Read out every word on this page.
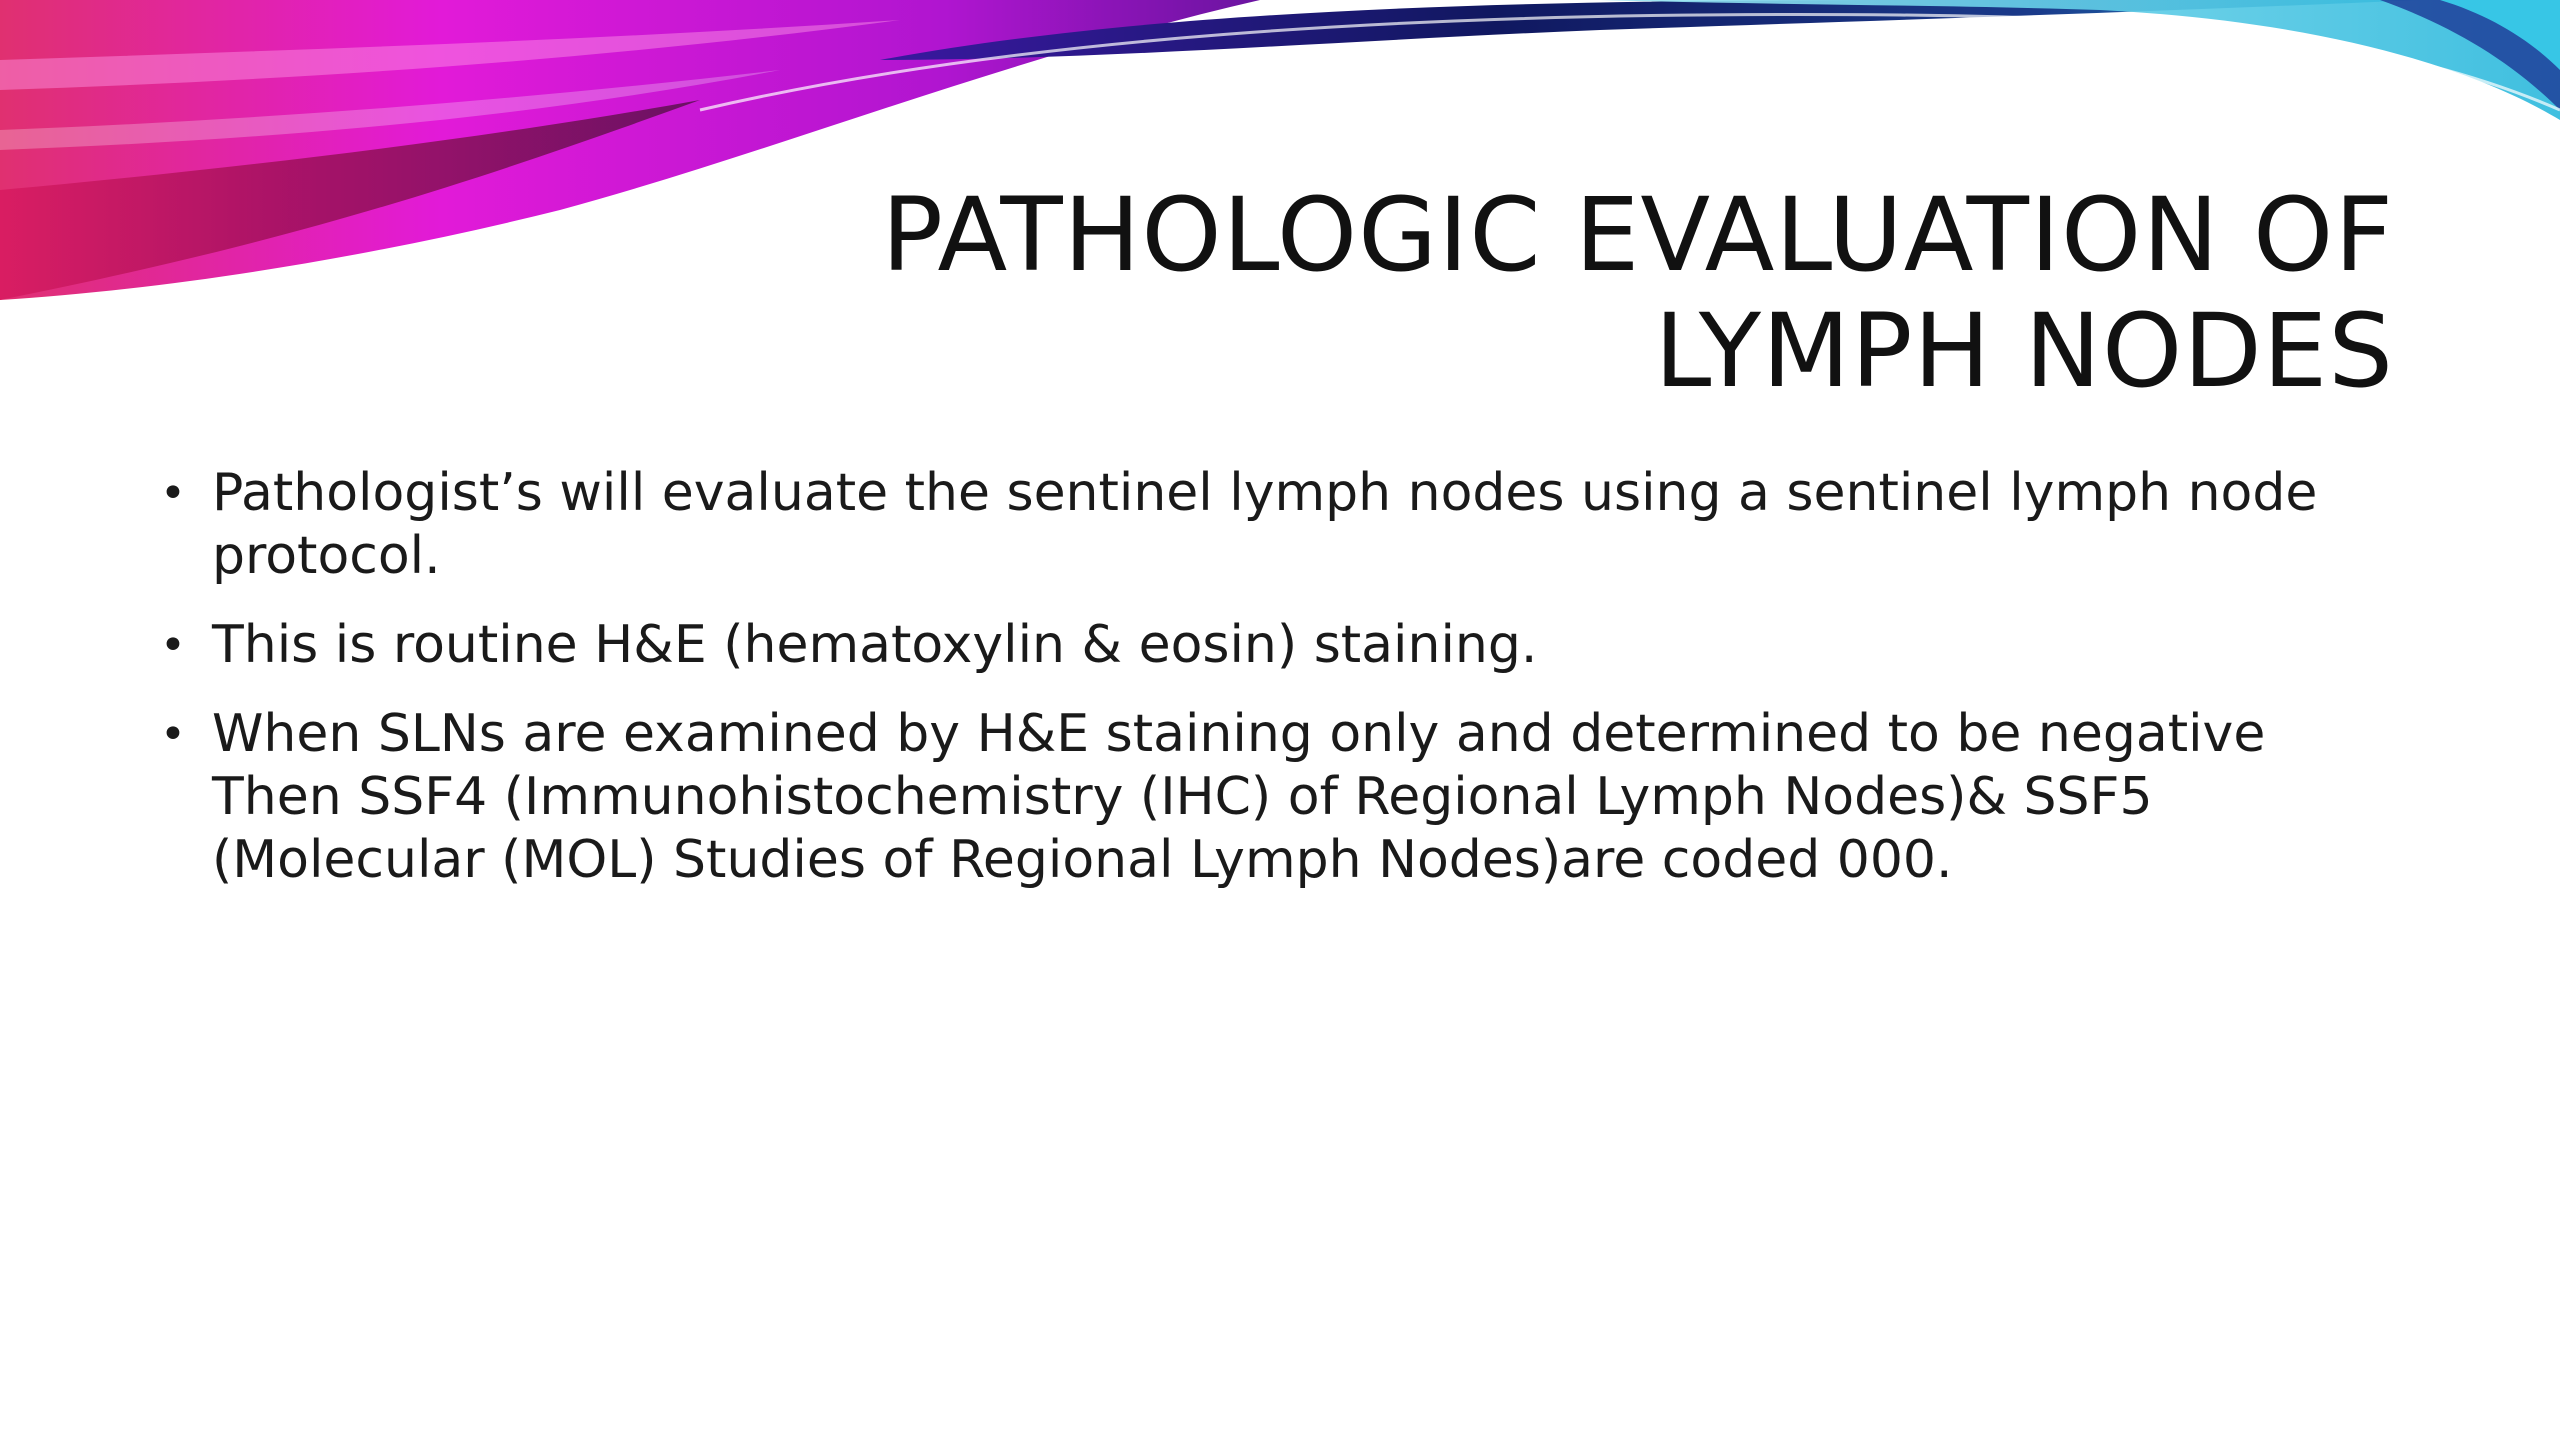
PATHOLOGIC EVALUATION OF
LYMPH NODES
• Pathologist’s will evaluate the sentinel lymph nodes using a sentinel lymph node protocol.
• This is routine H&E (hematoxylin & eosin) staining.
• When SLNs are examined by H&E staining only and determined to be negative Then SSF4 (Immunohistochemistry (IHC) of Regional Lymph Nodes)& SSF5 (Molecular (MOL) Studies of Regional Lymph Nodes)are coded 000.
